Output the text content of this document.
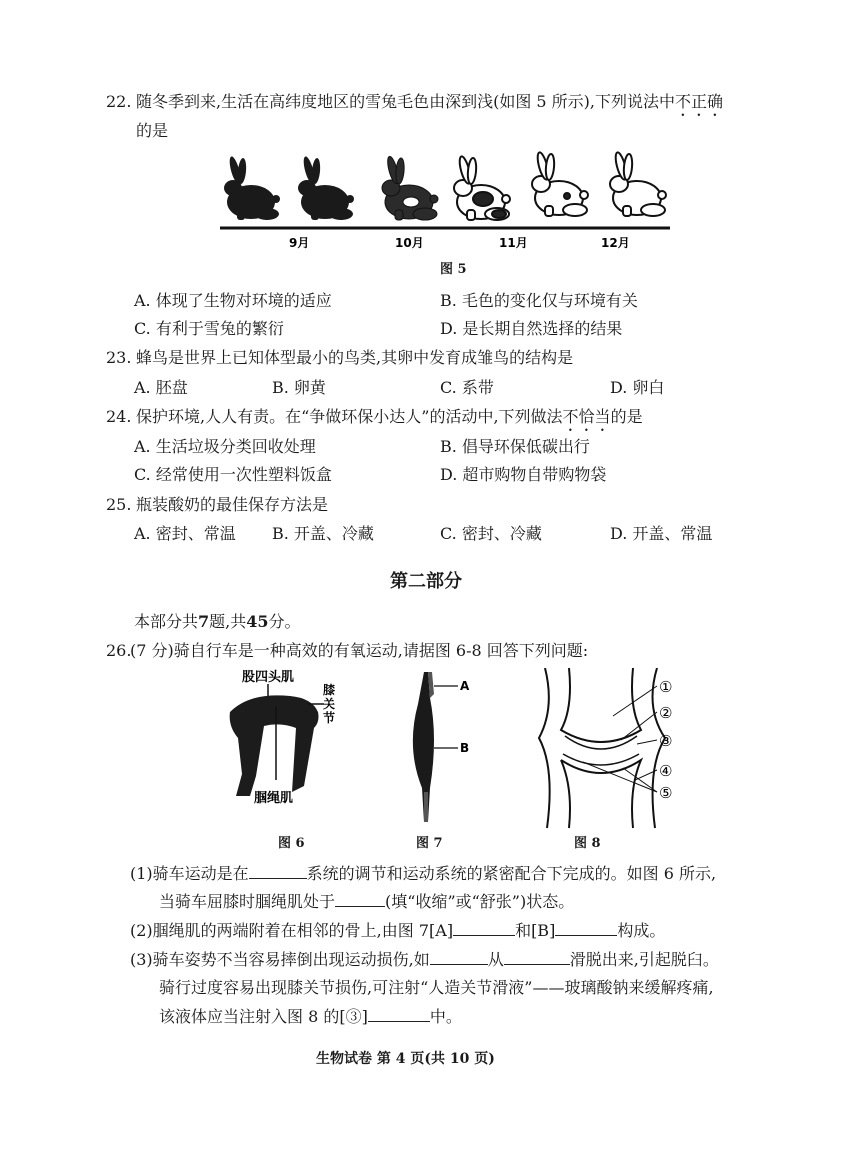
22. 随冬季到来,生活在高纬度地区的雪兔毛色由深到浅(如图 5 所示),下列说法中不正确
的是
9月	10月	11月	12月
图 5
A. 体现了生物对环境的适应	B. 毛色的变化仅与环境有关
C. 有利于雪兔的繁衍	D. 是长期自然选择的结果
23. 蜂鸟是世界上已知体型最小的鸟类,其卵中发育成雏鸟的结构是
A. 胚盘	B. 卵黄	C. 系带	D. 卵白
24. 保护环境,人人有责。在“争做环保小达人”的活动中,下列做法不恰当的是
A. 生活垃圾分类回收处理	B. 倡导环保低碳出行
C. 经常使用一次性塑料饭盒	D. 超市购物自带购物袋
25. 瓶装酸奶的最佳保存方法是
A. 密封、常温 B. 开盖、冷藏	C. 密封、冷藏	D. 开盖、常温
第二部分
本部分共7题,共45分。
26.
(7 分)骑自行车是一种高效的有氧运动,请据图 6-8 回答下列问题:
股四头肌
膝
关
节
腘绳肌
图 6
A
B
图 7
①
②
③
④
⑤
图 8
(1)骑车运动是在	系统的调节和运动系统的紧密配合下完成的。如图 6 所示,
当骑车屈膝时腘绳肌处于	(填“收缩”或“舒张”)状态。
(2)腘绳肌的两端附着在相邻的骨上,由图 7[A]	和[B]	构成。
(3)骑车姿势不当容易摔倒出现运动损伤,如	从	滑脱出来,引起脱臼。
骑行过度容易出现膝关节损伤,可注射“人造关节滑液”——玻璃酸钠来缓解疼痛,
该液体应当注射入图 8 的[③]	中。
生物试卷 第 4 页(共 10 页)
